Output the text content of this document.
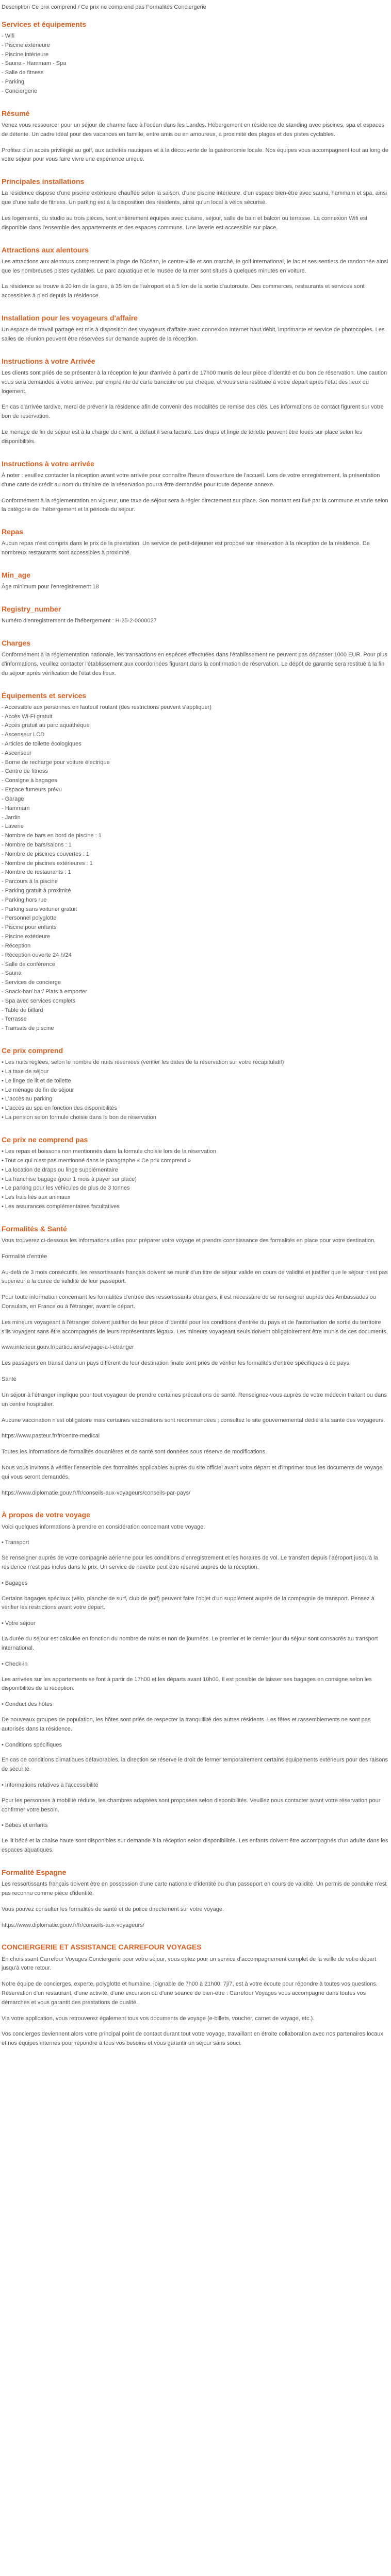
Description Ce prix comprend / Ce prix ne comprend pas Formalités Conciergerie

Services et équipements
- Wifi
- Piscine extérieure
- Piscine intérieure
- Sauna - Hammam - Spa
- Salle de fitness
- Parking
- Conciergerie
Résumé

Venez vous ressourcer pour un séjour de charme face à l'océan dans les Landes. Hébergement en résidence de standing avec piscines, spa et espaces de détente. Un cadre idéal pour des vacances en famille, entre amis ou en amoureux, à proximité des plages et des pistes cyclables.

Profitez d'un accès privilégié au golf, aux activités nautiques et à la découverte de la gastronomie locale. Nos équipes vous accompagnent tout au long de votre séjour pour vous faire vivre une expérience unique.

Principales installations

La résidence dispose d'une piscine extérieure chauffée selon la saison, d'une piscine intérieure, d'un espace bien-être avec sauna, hammam et spa, ainsi que d'une salle de fitness. Un parking est à la disposition des résidents, ainsi qu'un local à vélos sécurisé.

Les logements, du studio au trois pièces, sont entièrement équipés avec cuisine, séjour, salle de bain et balcon ou terrasse. La connexion Wifi est disponible dans l'ensemble des appartements et des espaces communs. Une laverie est accessible sur place.

Attractions aux alentours

Les attractions aux alentours comprennent la plage de l'Océan, le centre-ville et son marché, le golf international, le lac et ses sentiers de randonnée ainsi que les nombreuses pistes cyclables. Le parc aquatique et le musée de la mer sont situés à quelques minutes en voiture.

La résidence se trouve à 20 km de la gare, à 35 km de l'aéroport et à 5 km de la sortie d'autoroute. Des commerces, restaurants et services sont accessibles à pied depuis la résidence.

Installation pour les voyageurs d'affaire

Un espace de travail partagé est mis à disposition des voyageurs d'affaire avec connexion Internet haut débit, imprimante et service de photocopies. Les salles de réunion peuvent être réservées sur demande auprès de la réception.

Instructions à votre Arrivée

Les clients sont priés de se présenter à la réception le jour d'arrivée à partir de 17h00 munis de leur pièce d'identité et du bon de réservation. Une caution vous sera demandée à votre arrivée, par empreinte de carte bancaire ou par chèque, et vous sera restituée à votre départ après l'état des lieux du logement.

En cas d'arrivée tardive, merci de prévenir la résidence afin de convenir des modalités de remise des clés. Les informations de contact figurent sur votre bon de réservation.

Le ménage de fin de séjour est à la charge du client, à défaut il sera facturé. Les draps et linge de toilette peuvent être loués sur place selon les disponibilités.

Instructions à votre arrivée

À noter : veuillez contacter la réception avant votre arrivée pour connaître l'heure d'ouverture de l'accueil. Lors de votre enregistrement, la présentation d'une carte de crédit au nom du titulaire de la réservation pourra être demandée pour toute dépense annexe.

Conformément à la réglementation en vigueur, une taxe de séjour sera à régler directement sur place. Son montant est fixé par la commune et varie selon la catégorie de l'hébergement et la période du séjour.

Repas

Aucun repas n'est compris dans le prix de la prestation. Un service de petit-déjeuner est proposé sur réservation à la réception de la résidence. De nombreux restaurants sont accessibles à proximité.

Min_age

Âge minimum pour l'enregistrement 18

Registry_number

Numéro d'enregistrement de l'hébergement : H-25-2-0000027

Charges

Conformément à la réglementation nationale, les transactions en espèces effectuées dans l'établissement ne peuvent pas dépasser 1000 EUR. Pour plus d'informations, veuillez contacter l'établissement aux coordonnées figurant dans la confirmation de réservation. Le dépôt de garantie sera restitué à la fin du séjour après vérification de l'état des lieux.

Équipements et services
- Accessible aux personnes en fauteuil roulant (des restrictions peuvent s'appliquer)
- Accès Wi-Fi gratuit
- Accès gratuit au parc aquathèque
- Ascenseur LCD
- Articles de toilette écologiques
- Ascenseur
- Borne de recharge pour voiture électrique
- Centre de fitness
- Consigne à bagages
- Espace fumeurs prévu
- Garage
- Hammam
- Jardin
- Laverie
- Nombre de bars en bord de piscine : 1
- Nombre de bars/salons : 1
- Nombre de piscines couvertes : 1
- Nombre de piscines extérieures : 1
- Nombre de restaurants : 1
- Parcours à la piscine
- Parking gratuit à proximité
- Parking hors rue
- Parking sans voiturier gratuit
- Personnel polyglotte
- Piscine pour enfants
- Piscine extérieure
- Réception
- Réception ouverte 24 h/24
- Salle de conférence
- Sauna
- Services de concierge
- Snack-bar/ bar/ Plats à emporter
- Spa avec services complets
- Table de billard
- Terrasse
- Transats de piscine
Ce prix comprend
• Les nuits réglées, selon le nombre de nuits réservées (vérifier les dates de la réservation sur votre récapitulatif)
• La taxe de séjour
• Le linge de lit et de toilette
• Le ménage de fin de séjour
• L'accès au parking
• L'accès au spa en fonction des disponibilités
• La pension selon formule choisie dans le bon de réservation
Ce prix ne comprend pas
• Les repas et boissons non mentionnés dans la formule choisie lors de la réservation
• Tout ce qui n'est pas mentionné dans le paragraphe « Ce prix comprend »
• La location de draps ou linge supplémentaire
• La franchise bagage (pour 1 mois à payer sur place)
• Le parking pour les véhicules de plus de 3 tonnes
• Les frais liés aux animaux
• Les assurances complémentaires facultatives
Formalités & Santé

Vous trouverez ci-dessous les informations utiles pour préparer votre voyage et prendre connaissance des formalités en place pour votre destination.

Formalité d'entrée

Au-delà de 3 mois consécutifs, les ressortissants français doivent se munir d'un titre de séjour valide en cours de validité et justifier que le séjour n'est pas supérieur à la durée de validité de leur passeport.

Pour toute information concernant les formalités d'entrée des ressortissants étrangers, il est nécessaire de se renseigner auprès des Ambassades ou Consulats, en France ou à l'étranger, avant le départ.

Les mineurs voyageant à l'étranger doivent justifier de leur pièce d'identité pour les conditions d'entrée du pays et de l'autorisation de sortie du territoire s'ils voyagent sans être accompagnés de leurs représentants légaux. Les mineurs voyageant seuls doivent obligatoirement être munis de ces documents.

www.interieur.gouv.fr/particuliers/voyage-a-l-etranger

Les passagers en transit dans un pays différent de leur destination finale sont priés de vérifier les formalités d'entrée spécifiques à ce pays.

Santé

Un séjour à l'étranger implique pour tout voyageur de prendre certaines précautions de santé. Renseignez-vous auprès de votre médecin traitant ou dans un centre hospitalier.

Aucune vaccination n'est obligatoire mais certaines vaccinations sont recommandées ; consultez le site gouvernemental dédié à la santé des voyageurs.

https://www.pasteur.fr/fr/centre-medical

Toutes les informations de formalités douanières et de santé sont données sous réserve de modifications.

Nous vous invitons à vérifier l'ensemble des formalités applicables auprès du site officiel avant votre départ et d'imprimer tous les documents de voyage qui vous seront demandés.

https://www.diplomatie.gouv.fr/fr/conseils-aux-voyageurs/conseils-par-pays/

À propos de votre voyage

Voici quelques informations à prendre en considération concernant votre voyage.

• Transport

Se renseigner auprès de votre compagnie aérienne pour les conditions d'enregistrement et les horaires de vol. Le transfert depuis l'aéroport jusqu'à la résidence n'est pas inclus dans le prix. Un service de navette peut être réservé auprès de la réception.

• Bagages

Certains bagages spéciaux (vélo, planche de surf, club de golf) peuvent faire l'objet d'un supplément auprès de la compagnie de transport. Pensez à vérifier les restrictions avant votre départ.

• Votre séjour

La durée du séjour est calculée en fonction du nombre de nuits et non de journées. Le premier et le dernier jour du séjour sont consacrés au transport international.

• Check-in

Les arrivées sur les appartements se font à partir de 17h00 et les départs avant 10h00. Il est possible de laisser ses bagages en consigne selon les disponibilités de la réception.

• Conduct des hôtes

De nouveaux groupes de population, les hôtes sont priés de respecter la tranquillité des autres résidents. Les fêtes et rassemblements ne sont pas autorisés dans la résidence.

• Conditions spécifiques

En cas de conditions climatiques défavorables, la direction se réserve le droit de fermer temporairement certains équipements extérieurs pour des raisons de sécurité.

• Informations relatives à l'accessibilité

Pour les personnes à mobilité réduite, les chambres adaptées sont proposées selon disponibilités. Veuillez nous contacter avant votre réservation pour confirmer votre besoin.

• Bébés et enfants

Le lit bébé et la chaise haute sont disponibles sur demande à la réception selon disponibilités. Les enfants doivent être accompagnés d'un adulte dans les espaces aquatiques.

Formalité Espagne

Les ressortissants français doivent être en possession d'une carte nationale d'identité ou d'un passeport en cours de validité. Un permis de conduire n'est pas reconnu comme pièce d'identité.

Vous pouvez consulter les formalités de santé et de police directement sur votre voyage.

https://www.diplomatie.gouv.fr/fr/conseils-aux-voyageurs/

CONCIERGERIE ET ASSISTANCE CARREFOUR VOYAGES

En choisissant Carrefour Voyages Conciergerie pour votre séjour, vous optez pour un service d'accompagnement complet de la veille de votre départ jusqu'à votre retour.

Notre équipe de concierges, experte, polyglotte et humaine, joignable de 7h00 à 21h00, 7j/7, est à votre écoute pour répondre à toutes vos questions. Réservation d'un restaurant, d'une activité, d'une excursion ou d'une séance de bien-être : Carrefour Voyages vous accompagne dans toutes vos démarches et vous garantit des prestations de qualité.

Via votre application, vous retrouverez également tous vos documents de voyage (e-billets, voucher, carnet de voyage, etc.).

Vos concierges deviennent alors votre principal point de contact durant tout votre voyage, travaillant en étroite collaboration avec nos partenaires locaux et nos équipes internes pour répondre à tous vos besoins et vous garantir un séjour sans souci.
